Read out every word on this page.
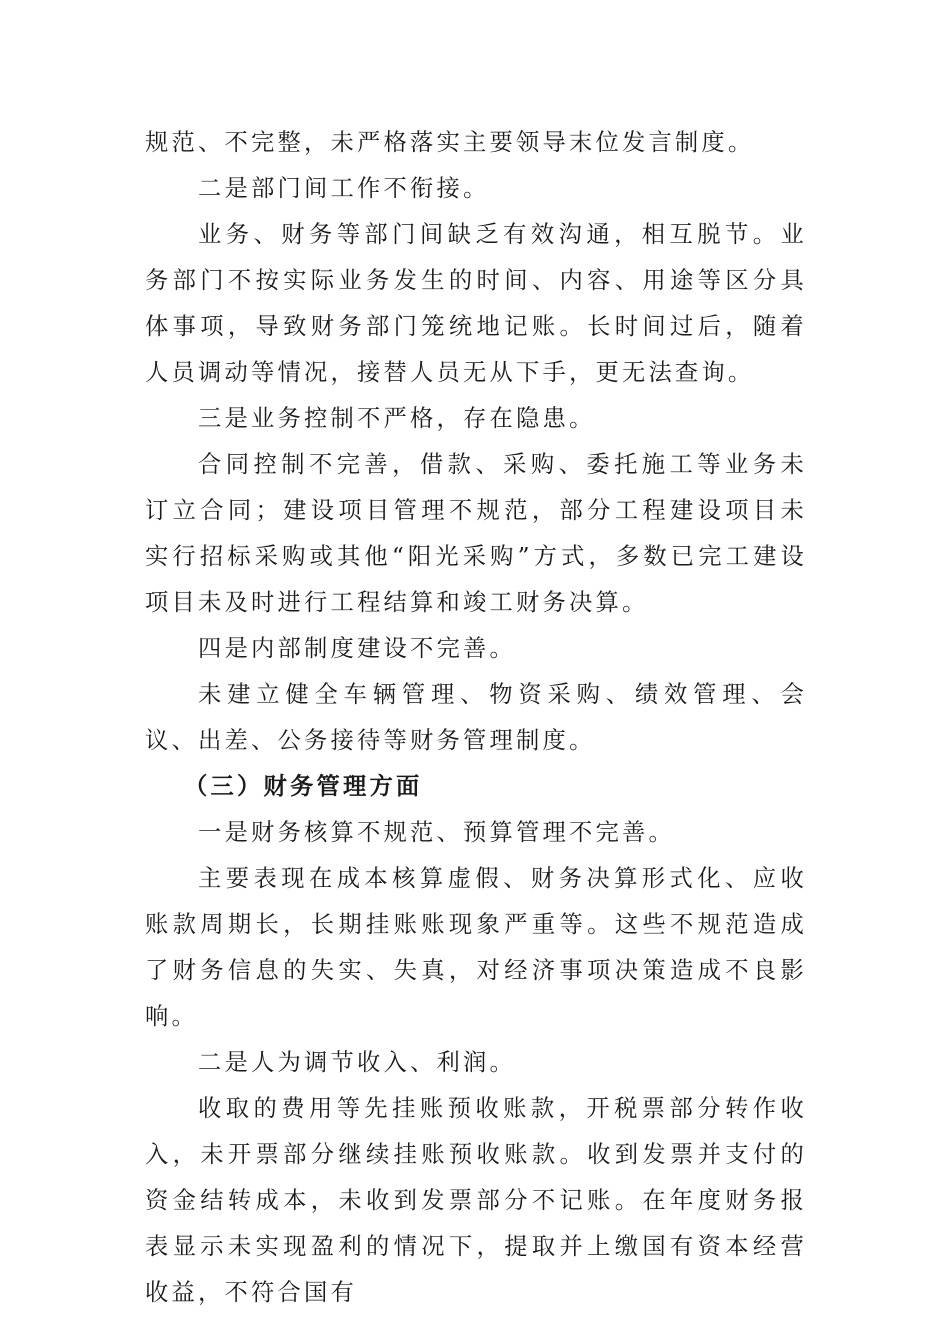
规范、不完整，未严格落实主要领导末位发言制度。

二是部门间工作不衔接。

业务、财务等部门间缺乏有效沟通，相互脱节。业务部门不按实际业务发生的时间、内容、用途等区分具体事项，导致财务部门笼统地记账。长时间过后，随着人员调动等情况，接替人员无从下手，更无法查询。

三是业务控制不严格，存在隐患。

合同控制不完善，借款、采购、委托施工等业务未订立合同；建设项目管理不规范，部分工程建设项目未实行招标采购或其他“阳光采购”方式，多数已完工建设项目未及时进行工程结算和竣工财务决算。

四是内部制度建设不完善。

未建立健全车辆管理、物资采购、绩效管理、会议、出差、公务接待等财务管理制度。

（三）财务管理方面

一是财务核算不规范、预算管理不完善。

主要表现在成本核算虚假、财务决算形式化、应收账款周期长，长期挂账账现象严重等。这些不规范造成了财务信息的失实、失真，对经济事项决策造成不良影响。

二是人为调节收入、利润。

收取的费用等先挂账预收账款，开税票部分转作收入，未开票部分继续挂账预收账款。收到发票并支付的资金结转成本，未收到发票部分不记账。在年度财务报表显示未实现盈利的情况下，提取并上缴国有资本经营收益，不符合国有
